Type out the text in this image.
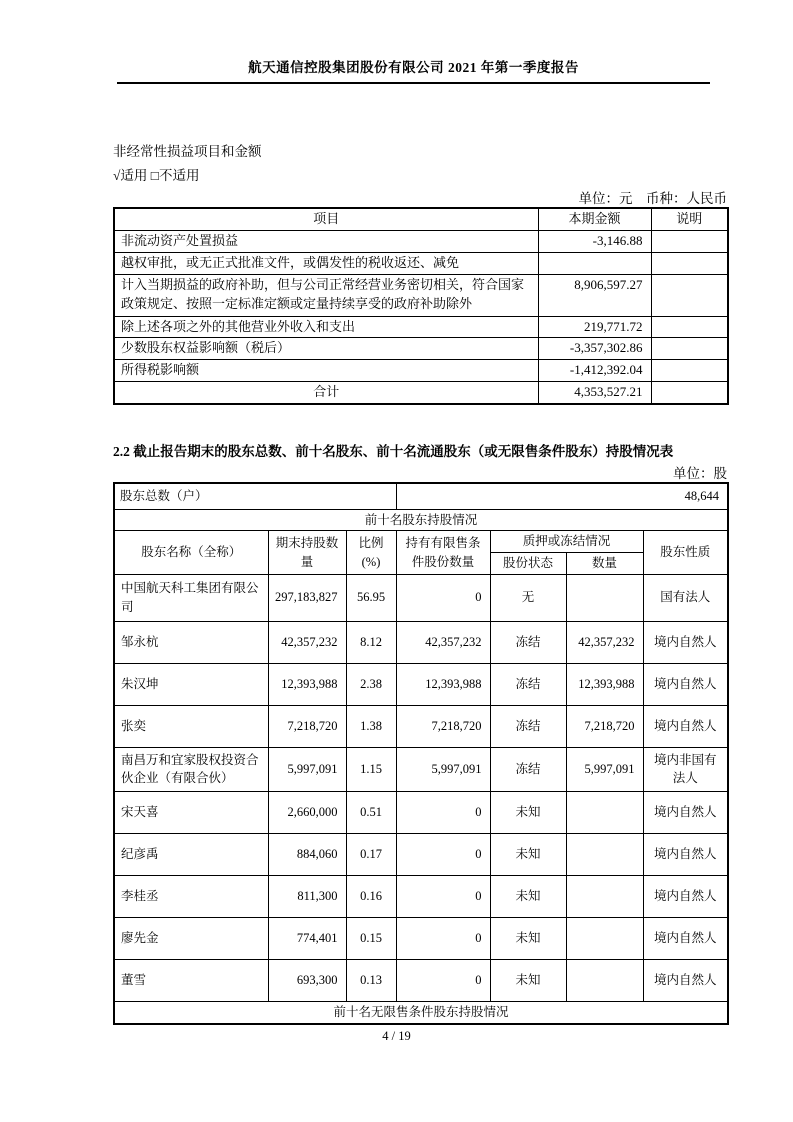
航天通信控股集团股份有限公司 2021 年第一季度报告
非经常性损益项目和金额
√适用 □不适用
单位：元　币种：人民币
项目	本期金额	说明
非流动资产处置损益	-3,146.88	
越权审批，或无正式批准文件，或偶发性的税收返还、减免		
计入当期损益的政府补助，但与公司正常经营业务密切相关，符合国家政策规定、按照一定标准定额或定量持续享受的政府补助除外	8,906,597.27	
除上述各项之外的其他营业外收入和支出	219,771.72	
少数股东权益影响额（税后）	-3,357,302.86	
所得税影响额	-1,412,392.04	
合计	4,353,527.21	
2.2 截止报告期末的股东总数、前十名股东、前十名流通股东（或无限售条件股东）持股情况表
单位：股
股东总数（户）			48,644			
前十名股东持股情况						
股东名称（全称）	期末持股数量	比例(%)	持有有限售条件股份数量	质押或冻结情况		股东性质
				股份状态	数量	
中国航天科工集团有限公司	297,183,827	56.95	0	无		国有法人
邹永杭	42,357,232	8.12	42,357,232	冻结	42,357,232	境内自然人
朱汉坤	12,393,988	2.38	12,393,988	冻结	12,393,988	境内自然人
张奕	7,218,720	1.38	7,218,720	冻结	7,218,720	境内自然人
南昌万和宜家股权投资合伙企业（有限合伙）	5,997,091	1.15	5,997,091	冻结	5,997,091	境内非国有法人
宋天喜	2,660,000	0.51	0	未知		境内自然人
纪彦禹	884,060	0.17	0	未知		境内自然人
李桂丞	811,300	0.16	0	未知		境内自然人
廖先金	774,401	0.15	0	未知		境内自然人
董雪	693,300	0.13	0	未知		境内自然人
前十名无限售条件股东持股情况						
4 / 19
